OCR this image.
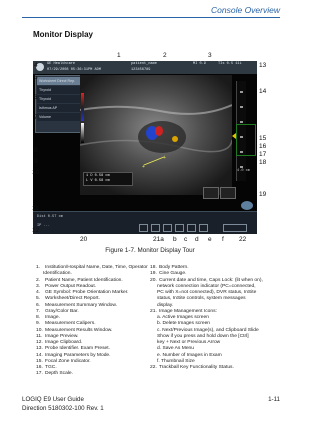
Console Overview
Monitor Display
GE Healthcare
07/29/2008 05:36:31PM ADM
patient_name
123456789
MI 0.9	TIs 0.5 11L
Worksheet Direct Rep.
Thyroid
Thyroid
Isthmus AP
Volume
+
+
1 D 0.58 cm
L V 0.58 cm
4.0 cm
Dist 0.57 cm
IP ...
1	2	3
4
5
6
7
8
9
10
11
12
13
14
15
16
17
18
19
20	21a b c d e f 22
Figure 1-7. Monitor Display Tour
1. Institution/Hospital Name, Date, Time, Operator
Identification.
2. Patient Name, Patient Identification.
3. Power Output Readout.
4. GE Symbol: Probe Orientation Marker.
5. Worksheet/Direct Report.
6. Measurement Summary Window.
7. Gray/Color Bar.
8. Image.
9. Measurement Calipers.
10. Measurement Results Window.
11. Image Preview.
12. Image Clipboard.
13. Probe Identifier. Exam Preset.
14. Imaging Parameters by Mode.
15. Focal Zone Indicator.
16. TGC.
17. Depth Scale.
18. Body Pattern.
19. Cine Gauge.
20. Current date and time, Caps Lock: (lit when on),
network connection indicator (PC=connected,
PC with X=not connected), DVR status, InSite
status, InSite controls, system messages
display.
21. Image Management Icons:
a. Active Images screen
b. Delete Images screen
c. Next/Previous Image(s), and Clipboard Slide
Show if you press and hold down the [Ctrl]
key + Next or Previous Arrow
d. Save As Menu
e. Number of Images in Exam
f. Thumbnail Size
22. Trackball Key Functionality Status.
LOGIQ E9 User Guide
Direction 5180302-100 Rev. 1
1-11
